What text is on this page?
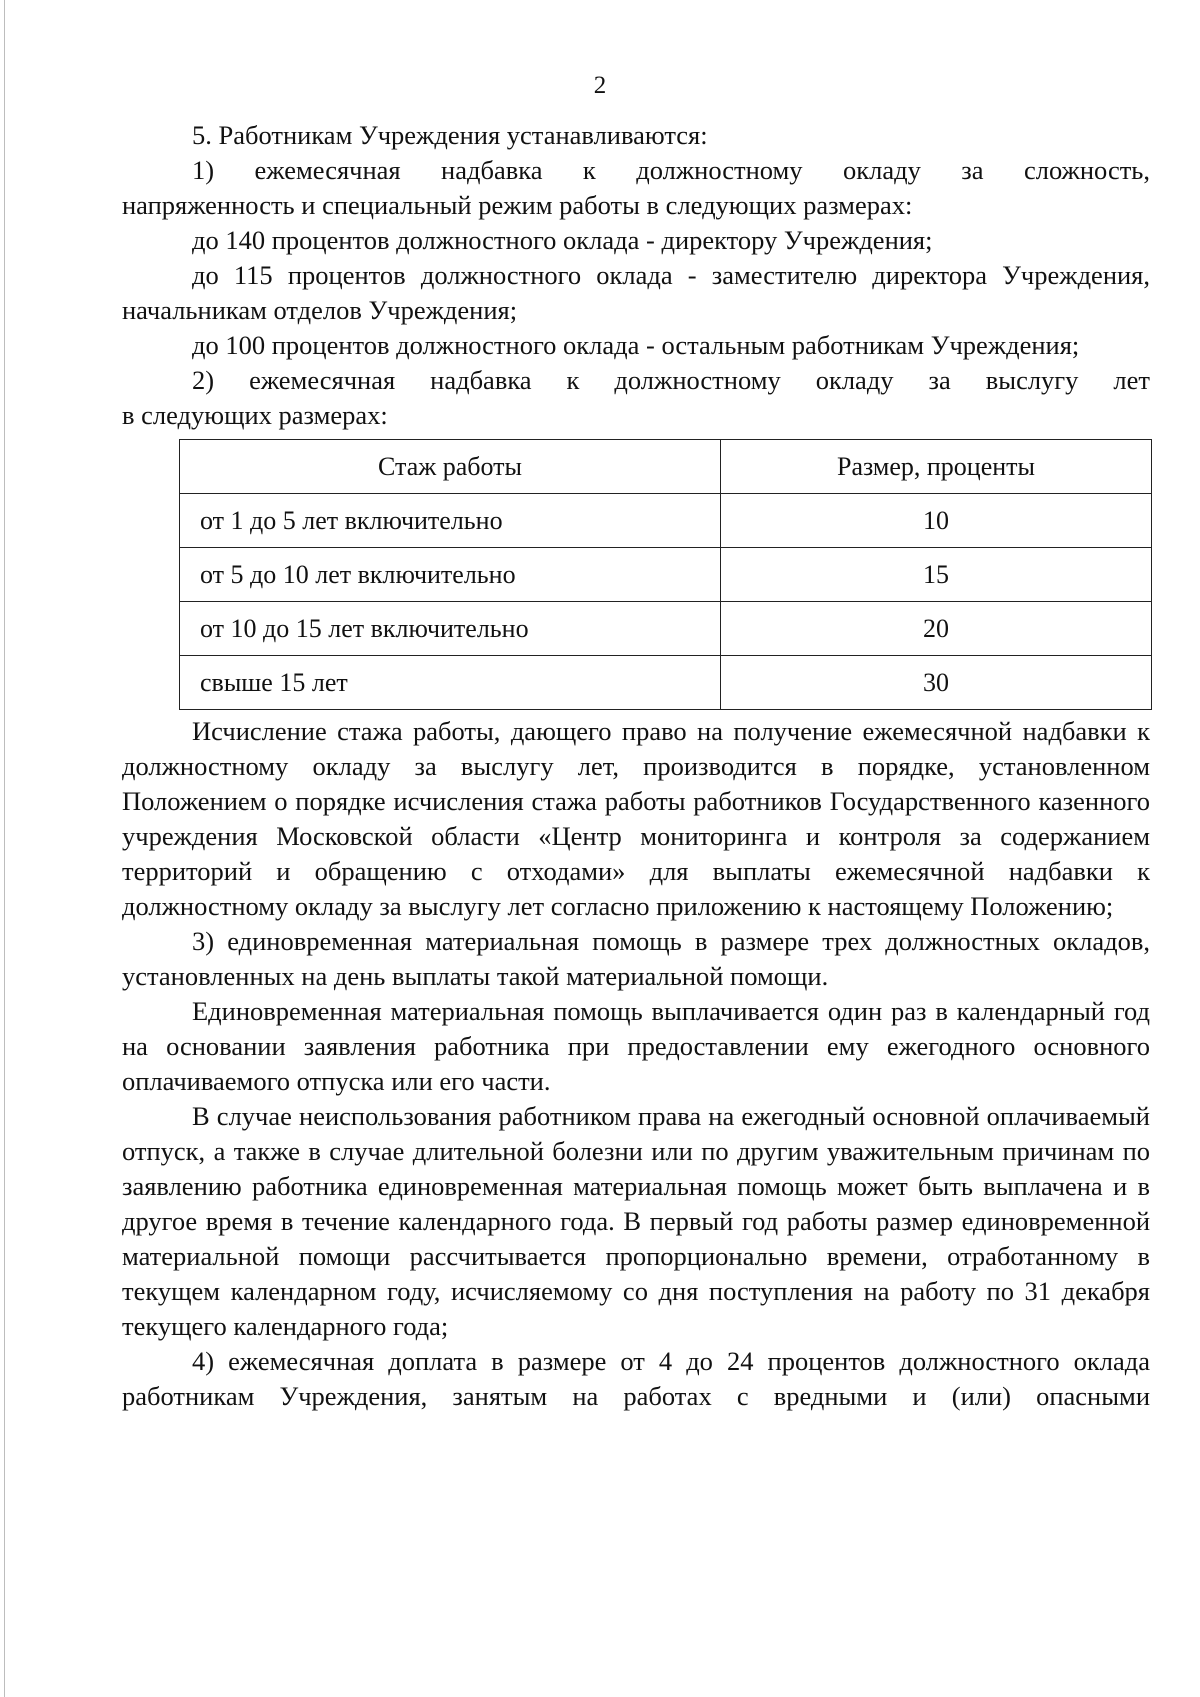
2

5. Работникам Учреждения устанавливаются:

1) ежемесячная надбавка к должностному окладу за сложность,

напряженность и специальный режим работы в следующих размерах:

до 140 процентов должностного оклада - директору Учреждения;

до 115 процентов должностного оклада - заместителю директора Учреждения,

начальникам отделов Учреждения;

до 100 процентов должностного оклада - остальным работникам Учреждения;

2) ежемесячная надбавка к должностному окладу за выслугу лет

в следующих размерах:

Стаж работы	Размер, проценты
от 1 до 5 лет включительно	10
от 5 до 10 лет включительно	15
от 10 до 15 лет включительно	20
свыше 15 лет	30

Исчисление стажа работы, дающего право на получение ежемесячной надбавки к должностному окладу за выслугу лет, производится в порядке, установленном Положением о порядке исчисления стажа работы работников Государственного казенного учреждения Московской области «Центр мониторинга и контроля за содержанием территорий и обращению с отходами» для выплаты ежемесячной надбавки к должностному окладу за выслугу лет согласно приложению к настоящему Положению;

3) единовременная материальная помощь в размере трех должностных окладов, установленных на день выплаты такой материальной помощи.

Единовременная материальная помощь выплачивается один раз в календарный год на основании заявления работника при предоставлении ему ежегодного основного оплачиваемого отпуска или его части.

В случае неиспользования работником права на ежегодный основной оплачиваемый отпуск, а также в случае длительной болезни или по другим уважительным причинам по заявлению работника единовременная материальная помощь может быть выплачена и в другое время в течение календарного года. В первый год работы размер единовременной материальной помощи рассчитывается пропорционально времени, отработанному в текущем календарном году, исчисляемому со дня поступления на работу по 31 декабря текущего календарного года;

4) ежемесячная доплата в размере от 4 до 24 процентов должностного оклада работникам Учреждения, занятым на работах с вредными и (или) опасными
